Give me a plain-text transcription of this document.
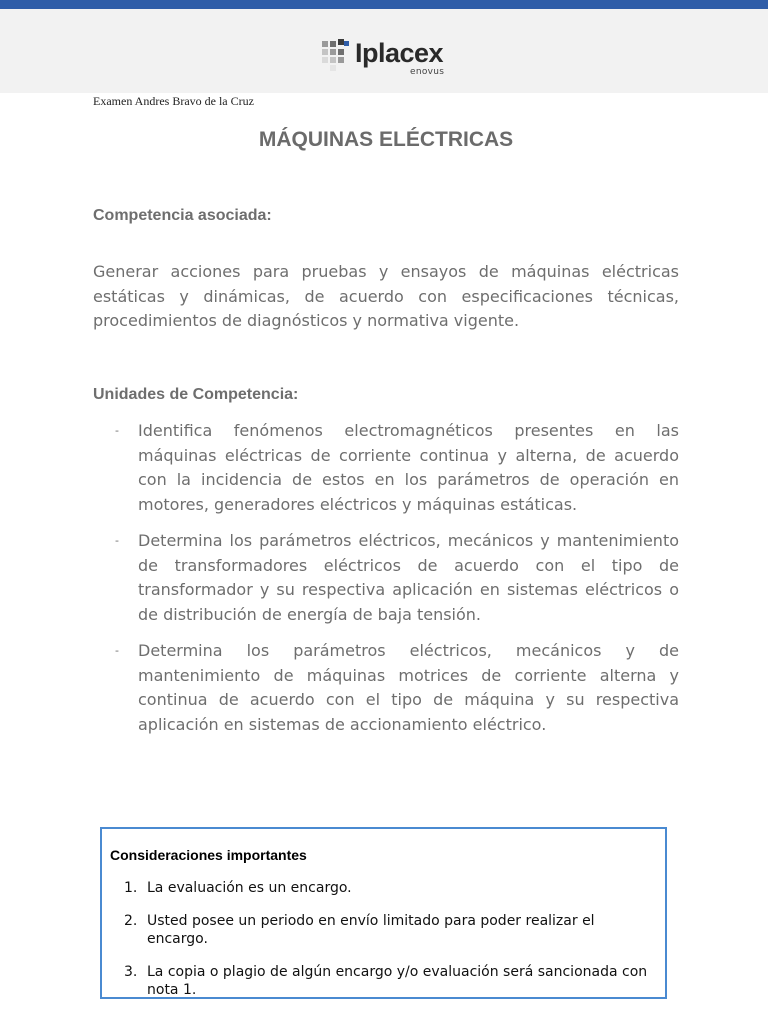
Iplacex
enovus
Examen Andres Bravo de la Cruz
MÁQUINAS ELÉCTRICAS
Competencia asociada:
Generar acciones para pruebas y ensayos de máquinas eléctricas estáticas y dinámicas, de acuerdo con especificaciones técnicas, procedimientos de diagnósticos y normativa vigente.
Unidades de Competencia:
- Identifica fenómenos electromagnéticos presentes en las máquinas eléctricas de corriente continua y alterna, de acuerdo con la incidencia de estos en los parámetros de operación en motores, generadores eléctricos y máquinas estáticas.
- Determina los parámetros eléctricos, mecánicos y mantenimiento de transformadores eléctricos de acuerdo con el tipo de transformador y su respectiva aplicación en sistemas eléctricos o de distribución de energía de baja tensión.
- Determina los parámetros eléctricos, mecánicos y de mantenimiento de máquinas motrices de corriente alterna y continua de acuerdo con el tipo de máquina y su respectiva aplicación en sistemas de accionamiento eléctrico.
Consideraciones importantes
1. La evaluación es un encargo.
2. Usted posee un periodo en envío limitado para poder realizar el encargo.
3. La copia o plagio de algún encargo y/o evaluación será sancionada con nota 1.
